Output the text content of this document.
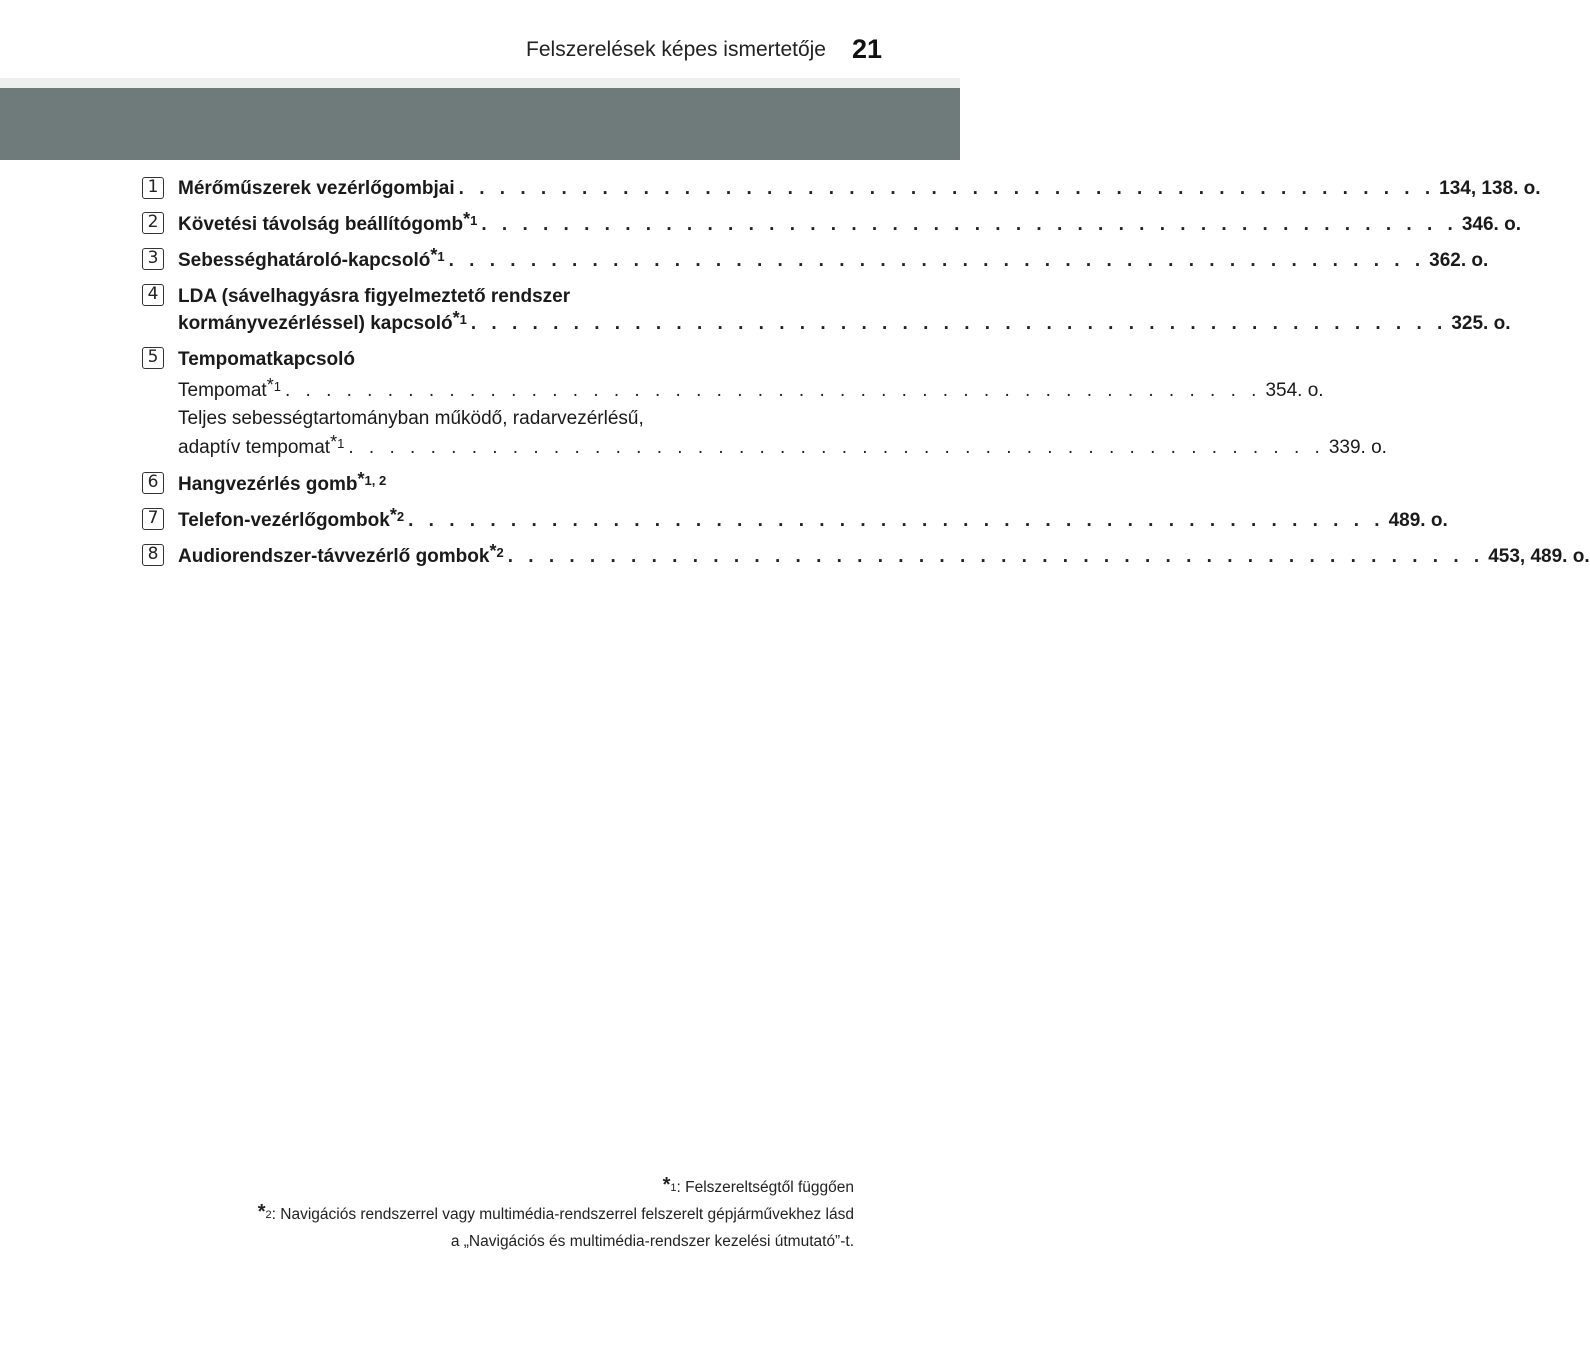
Felszerelések képes ismertetője 21
1 Mérőműszerek vezérlőgombjai . . . . . . . . . . . . . . . . . . . . . . . . . . . . . . . . . . . . . . . . . . . . . . . . 134, 138. o.
2 Követési távolság beállítógomb$^{*1}$ . . . . . . . . . . . . . . . . . . . . . . . . . . . . . . . . . . . . . . . . . . . . . . . . 346. o.
3 Sebességhatároló-kapcsoló$^{*1}$ . . . . . . . . . . . . . . . . . . . . . . . . . . . . . . . . . . . . . . . . . . . . . . . . 362. o.
4 LDA (sávelhagyásra figyelmeztető rendszer
kormányvezérléssel) kapcsoló$^{*1}$ . . . . . . . . . . . . . . . . . . . . . . . . . . . . . . . . . . . . . . . . . . . . . . . . 325. o.
5 Tempomatkapcsoló
Tempomat$^{*1}$ . . . . . . . . . . . . . . . . . . . . . . . . . . . . . . . . . . . . . . . . . . . . . . . . 354. o.
Teljes sebességtartományban működő, radarvezérlésű,
adaptív tempomat$^{*1}$ . . . . . . . . . . . . . . . . . . . . . . . . . . . . . . . . . . . . . . . . . . . . . . . . 339. o.
6 Hangvezérlés gomb$^{*1, 2}$
7 Telefon-vezérlőgombok$^{*2}$ . . . . . . . . . . . . . . . . . . . . . . . . . . . . . . . . . . . . . . . . . . . . . . . . 489. o.
8 Audiorendszer-távvezérlő gombok$^{*2}$ . . . . . . . . . . . . . . . . . . . . . . . . . . . . . . . . . . . . . . . . . . . . . . . . 453, 489. o.
$^{*1}$: Felszereltségtől függően
$^{*2}$: Navigációs rendszerrel vagy multimédia-rendszerrel felszerelt gépjárművekhez lásd
a „Navigációs és multimédia-rendszer kezelési útmutató”-t.
